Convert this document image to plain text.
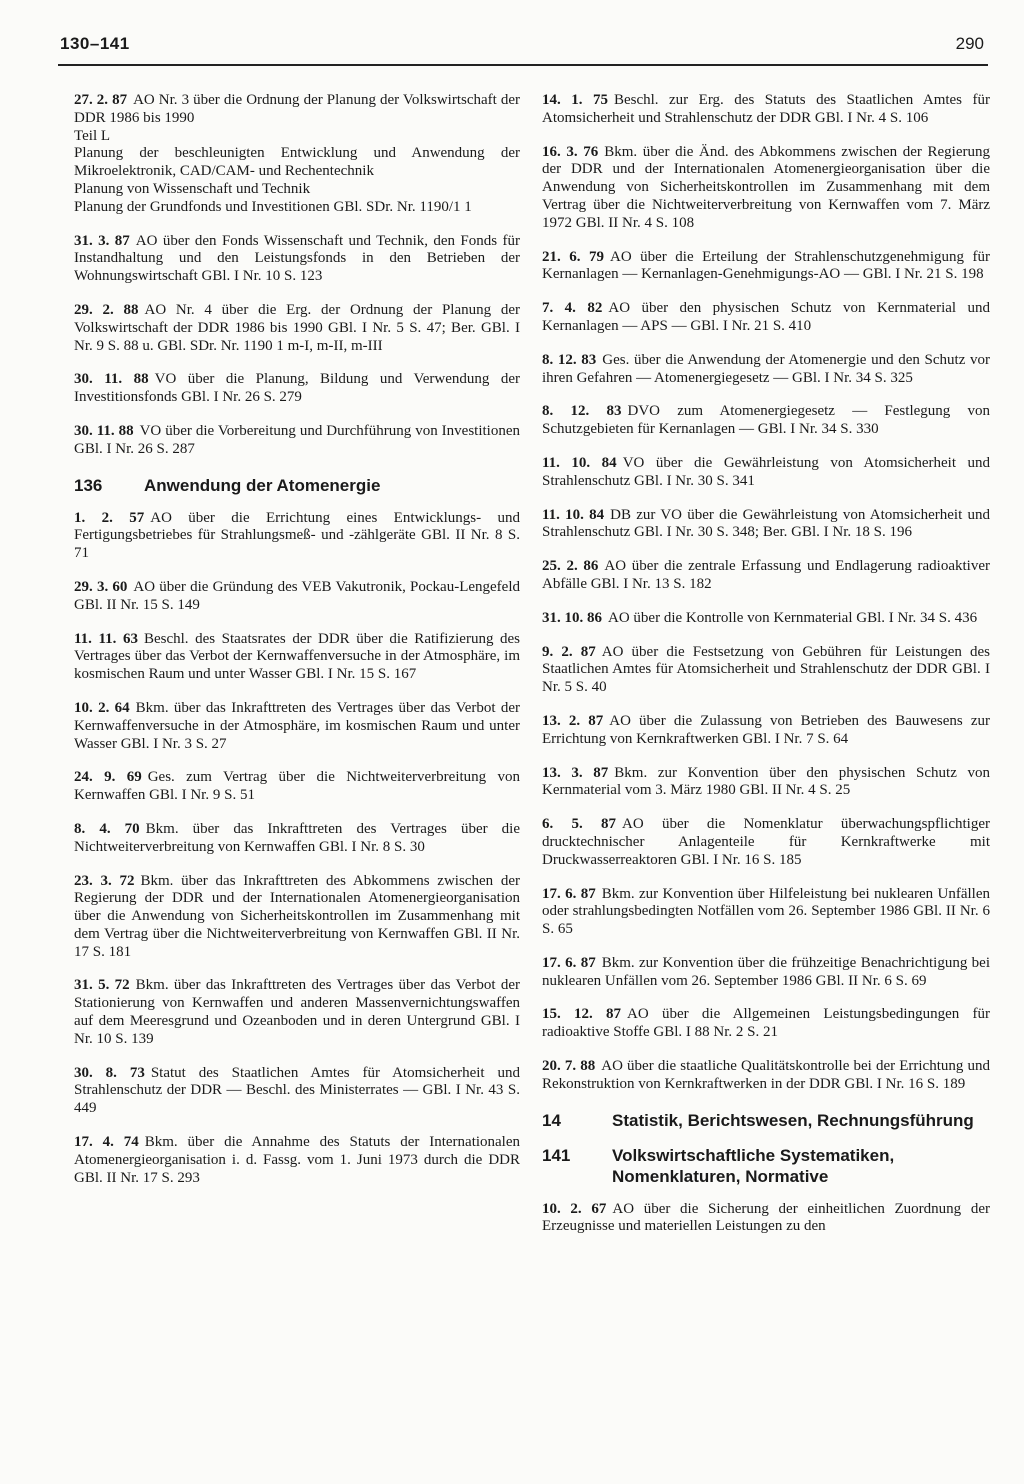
130–141	290
27. 2. 87 AO Nr. 3 über die Ordnung der Planung der Volkswirtschaft der DDR 1986 bis 1990
Teil L
Planung der beschleunigten Entwicklung und Anwendung der Mikroelektronik, CAD/CAM- und Rechentechnik
Planung von Wissenschaft und Technik
Planung der Grundfonds und Investitionen GBl. SDr. Nr. 1190/1 1
31. 3. 87 AO über den Fonds Wissenschaft und Technik, den Fonds für Instandhaltung und den Leistungsfonds in den Betrieben der Wohnungswirtschaft GBl. I Nr. 10 S. 123
29. 2. 88 AO Nr. 4 über die Erg. der Ordnung der Planung der Volkswirtschaft der DDR 1986 bis 1990 GBl. I Nr. 5 S. 47; Ber. GBl. I Nr. 9 S. 88 u. GBl. SDr. Nr. 1190 1 m-I, m-II, m-III
30. 11. 88 VO über die Planung, Bildung und Verwendung der Investitionsfonds GBl. I Nr. 26 S. 279
30. 11. 88 VO über die Vorbereitung und Durchführung von Investitionen GBl. I Nr. 26 S. 287
136	Anwendung der Atomenergie
1. 2. 57 AO über die Errichtung eines Entwicklungs- und Fertigungsbetriebes für Strahlungsmeß- und -zählgeräte GBl. II Nr. 8 S. 71
29. 3. 60 AO über die Gründung des VEB Vakutronik, Pockau-Lengefeld GBl. II Nr. 15 S. 149
11. 11. 63 Beschl. des Staatsrates der DDR über die Ratifizierung des Vertrages über das Verbot der Kernwaffenversuche in der Atmosphäre, im kosmischen Raum und unter Wasser GBl. I Nr. 15 S. 167
10. 2. 64 Bkm. über das Inkrafttreten des Vertrages über das Verbot der Kernwaffenversuche in der Atmosphäre, im kosmischen Raum und unter Wasser GBl. I Nr. 3 S. 27
24. 9. 69 Ges. zum Vertrag über die Nichtweiterverbreitung von Kernwaffen GBl. I Nr. 9 S. 51
8. 4. 70 Bkm. über das Inkrafttreten des Vertrages über die Nichtweiterverbreitung von Kernwaffen GBl. I Nr. 8 S. 30
23. 3. 72 Bkm. über das Inkrafttreten des Abkommens zwischen der Regierung der DDR und der Internationalen Atomenergieorganisation über die Anwendung von Sicherheitskontrollen im Zusammenhang mit dem Vertrag über die Nichtweiterverbreitung von Kernwaffen GBl. II Nr. 17 S. 181
31. 5. 72 Bkm. über das Inkrafttreten des Vertrages über das Verbot der Stationierung von Kernwaffen und anderen Massenvernichtungswaffen auf dem Meeresgrund und Ozeanboden und in deren Untergrund GBl. I Nr. 10 S. 139
30. 8. 73 Statut des Staatlichen Amtes für Atomsicherheit und Strahlenschutz der DDR — Beschl. des Ministerrates — GBl. I Nr. 43 S. 449
17. 4. 74 Bkm. über die Annahme des Statuts der Internationalen Atomenergieorganisation i. d. Fassg. vom 1. Juni 1973 durch die DDR GBl. II Nr. 17 S. 293
14. 1. 75 Beschl. zur Erg. des Statuts des Staatlichen Amtes für Atomsicherheit und Strahlenschutz der DDR GBl. I Nr. 4 S. 106
16. 3. 76 Bkm. über die Änd. des Abkommens zwischen der Regierung der DDR und der Internationalen Atomenergieorganisation über die Anwendung von Sicherheitskontrollen im Zusammenhang mit dem Vertrag über die Nichtweiterverbreitung von Kernwaffen vom 7. März 1972 GBl. II Nr. 4 S. 108
21. 6. 79 AO über die Erteilung der Strahlenschutzgenehmigung für Kernanlagen — Kernanlagen-Genehmigungs-AO — GBl. I Nr. 21 S. 198
7. 4. 82 AO über den physischen Schutz von Kernmaterial und Kernanlagen — APS — GBl. I Nr. 21 S. 410
8. 12. 83 Ges. über die Anwendung der Atomenergie und den Schutz vor ihren Gefahren — Atomenergiegesetz — GBl. I Nr. 34 S. 325
8. 12. 83 DVO zum Atomenergiegesetz — Festlegung von Schutzgebieten für Kernanlagen — GBl. I Nr. 34 S. 330
11. 10. 84 VO über die Gewährleistung von Atomsicherheit und Strahlenschutz GBl. I Nr. 30 S. 341
11. 10. 84 DB zur VO über die Gewährleistung von Atomsicherheit und Strahlenschutz GBl. I Nr. 30 S. 348; Ber. GBl. I Nr. 18 S. 196
25. 2. 86 AO über die zentrale Erfassung und Endlagerung radioaktiver Abfälle GBl. I Nr. 13 S. 182
31. 10. 86 AO über die Kontrolle von Kernmaterial GBl. I Nr. 34 S. 436
9. 2. 87 AO über die Festsetzung von Gebühren für Leistungen des Staatlichen Amtes für Atomsicherheit und Strahlenschutz der DDR GBl. I Nr. 5 S. 40
13. 2. 87 AO über die Zulassung von Betrieben des Bauwesens zur Errichtung von Kernkraftwerken GBl. I Nr. 7 S. 64
13. 3. 87 Bkm. zur Konvention über den physischen Schutz von Kernmaterial vom 3. März 1980 GBl. II Nr. 4 S. 25
6. 5. 87 AO über die Nomenklatur überwachungspflichtiger drucktechnischer Anlagenteile für Kernkraftwerke mit Druckwasserreaktoren GBl. I Nr. 16 S. 185
17. 6. 87 Bkm. zur Konvention über Hilfeleistung bei nuklearen Unfällen oder strahlungsbedingten Notfällen vom 26. September 1986 GBl. II Nr. 6 S. 65
17. 6. 87 Bkm. zur Konvention über die frühzeitige Benachrichtigung bei nuklearen Unfällen vom 26. September 1986 GBl. II Nr. 6 S. 69
15. 12. 87 AO über die Allgemeinen Leistungsbedingungen für radioaktive Stoffe GBl. I 88 Nr. 2 S. 21
20. 7. 88 AO über die staatliche Qualitätskontrolle bei der Errichtung und Rekonstruktion von Kernkraftwerken in der DDR GBl. I Nr. 16 S. 189
14	Statistik, Berichtswesen, Rechnungsführung
141	Volkswirtschaftliche Systematiken, Nomenklaturen, Normative
10. 2. 67 AO über die Sicherung der einheitlichen Zuordnung der Erzeugnisse und materiellen Leistungen zu den
